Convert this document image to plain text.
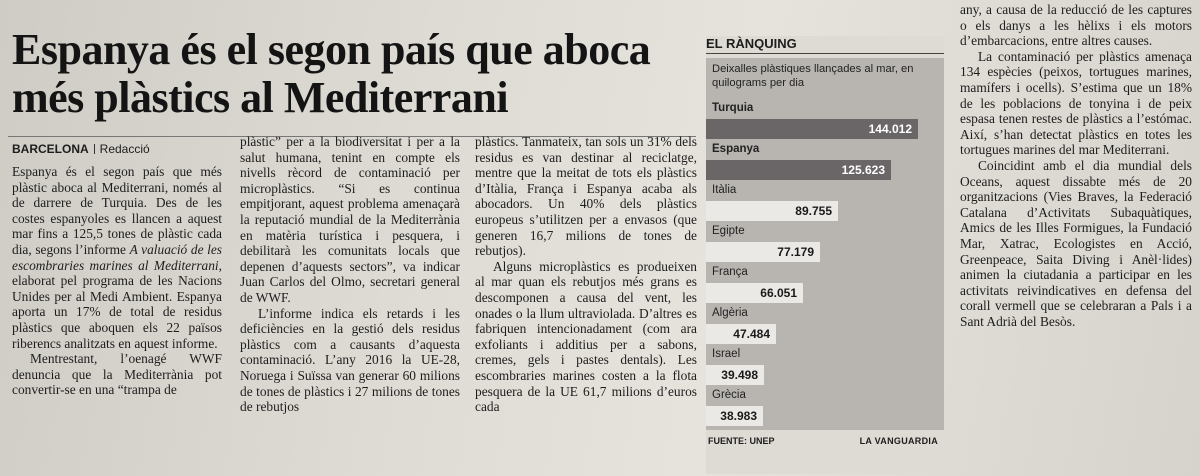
Espanya és el segon país que aboca més plàstics al Mediterrani
BARCELONA Redacció

Espanya és el segon país que més plàstic aboca al Mediterrani, només al de darrere de Turquia. Des de les costes espanyoles es llancen a aquest mar fins a 125,5 tones de plàstic cada dia, segons l’informe A valuació de les escombraries marines al Mediterrani, elaborat pel programa de les Nacions Unides per al Medi Ambient. Espanya aporta un 17% de total de residus plàstics que aboquen els 22 països riberencs analitzats en aquest informe.

Mentrestant, l’oenagé WWF denuncia que la Mediterrània pot convertir-se en una “trampa de

plàstic” per a la biodiversitat i per a la salut humana, tenint en compte els nivells rècord de contaminació per microplàstics. “Si es continua empitjorant, aquest problema amenaçarà la reputació mundial de la Mediterrània en matèria turística i pesquera, i debilitarà les comunitats locals que depenen d’aquests sectors”, va indicar Juan Carlos del Olmo, secretari general de WWF.

L’informe indica els retards i les deficiències en la gestió dels residus plàstics com a causants d’aquesta contaminació. L’any 2016 la UE-28, Noruega i Suïssa van generar 60 milions de tones de plàstics i 27 milions de tones de rebutjos

plàstics. Tanmateix, tan sols un 31% dels residus es van destinar al reciclatge, mentre que la meitat de tots els plàstics d’Itàlia, França i Espanya acaba als abocadors. Un 40% dels plàstics europeus s’utilitzen per a envasos (que generen 16,7 milions de tones de rebutjos).

Alguns microplàstics es produeixen al mar quan els rebutjos més grans es descomponen a causa del vent, les onades o la llum ultraviolada. D’altres es fabriquen intencionadament (com ara exfoliants i additius per a sabons, cremes, gels i pastes dentals). Les escombraries marines costen a la flota pesquera de la UE 61,7 milions d’euros cada

EL RÀNQUING
Deixalles plàstiques llançades al mar, en quilograms per dia
Turquia
144.012
Espanya
125.623
Itàlia
89.755
Egipte
77.179
França
66.051
Algèria
47.484
Israel
39.498
Grècia
38.983
FUENTE: UNEP	LA VANGUARDIA

any, a causa de la reducció de les captures o els danys a les hèlixs i els motors d’embarcacions, entre altres causes.

La contaminació per plàstics amenaça 134 espècies (peixos, tortugues marines, mamífers i ocells). S’estima que un 18% de les poblacions de tonyina i de peix espasa tenen restes de plàstics a l’estómac. Així, s’han detectat plàstics en totes les tortugues marines del mar Mediterrani.

Coincidint amb el dia mundial dels Oceans, aquest dissabte més de 20 organitzacions (Vies Braves, la Federació Catalana d’Activitats Subaquàtiques, Amics de les Illes Formigues, la Fundació Mar, Xatrac, Ecologistes en Acció, Greenpeace, Saita Diving i Anèl·lides) animen la ciutadania a participar en les activitats reivindicatives en defensa del corall vermell que se celebraran a Pals i a Sant Adrià del Besòs.
